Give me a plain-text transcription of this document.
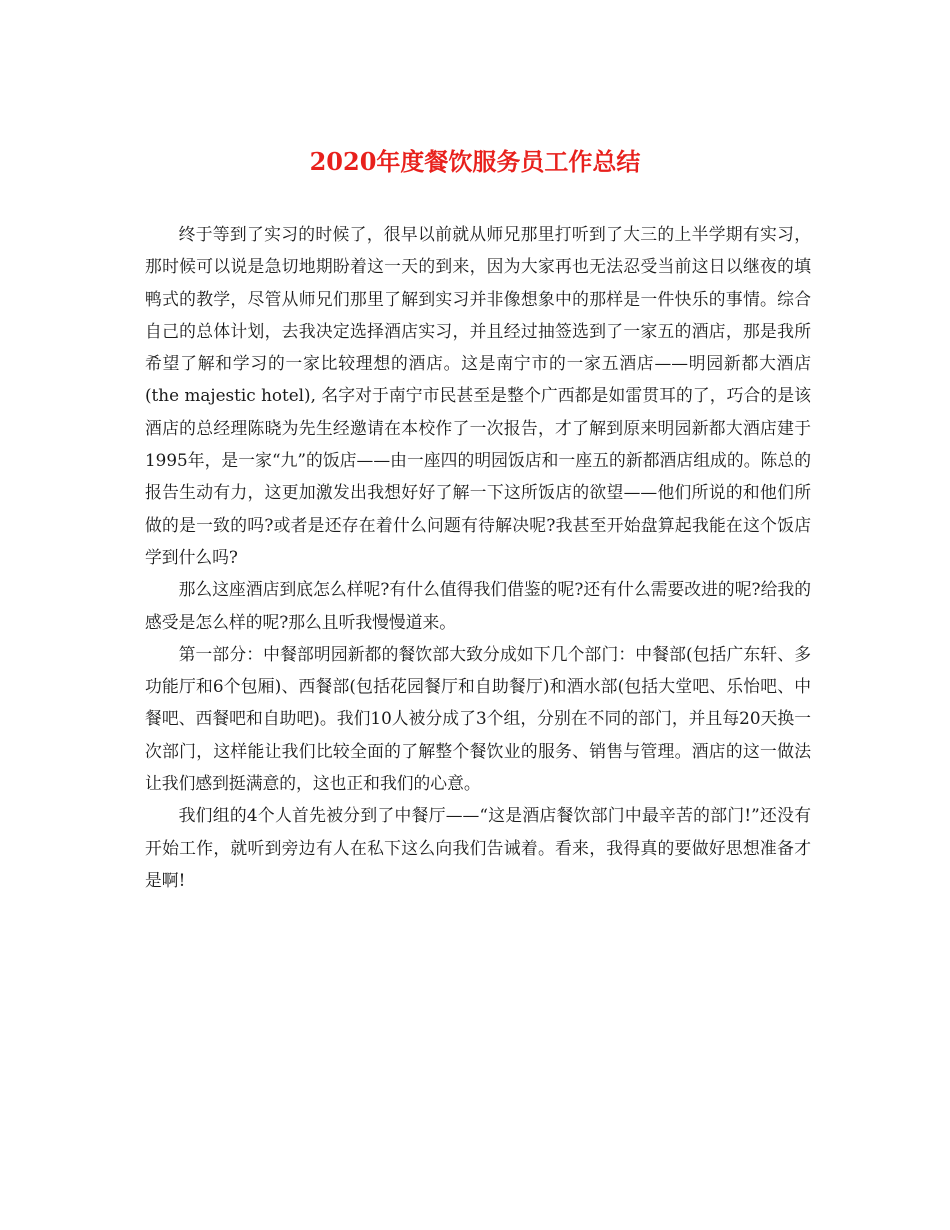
2020年度餐饮服务员工作总结

终于等到了实习的时候了，很早以前就从师兄那里打听到了大三的上半学期有实习，那时候可以说是急切地期盼着这一天的到来，因为大家再也无法忍受当前这日以继夜的填鸭式的教学，尽管从师兄们那里了解到实习并非像想象中的那样是一件快乐的事情。综合自己的总体计划，去我决定选择酒店实习，并且经过抽签选到了一家五的酒店，那是我所希望了解和学习的一家比较理想的酒店。这是南宁市的一家五酒店——明园新都大酒店(the majestic hotel), 名字对于南宁市民甚至是整个广西都是如雷贯耳的了，巧合的是该酒店的总经理陈晓为先生经邀请在本校作了一次报告，才了解到原来明园新都大酒店建于1995年，是一家“九”的饭店——由一座四的明园饭店和一座五的新都酒店组成的。陈总的报告生动有力，这更加激发出我想好好了解一下这所饭店的欲望——他们所说的和他们所做的是一致的吗?或者是还存在着什么问题有待解决呢?我甚至开始盘算起我能在这个饭店学到什么吗?

那么这座酒店到底怎么样呢?有什么值得我们借鉴的呢?还有什么需要改进的呢?给我的感受是怎么样的呢?那么且听我慢慢道来。

第一部分：中餐部明园新都的餐饮部大致分成如下几个部门：中餐部(包括广东轩、多功能厅和6个包厢)、西餐部(包括花园餐厅和自助餐厅)和酒水部(包括大堂吧、乐怡吧、中餐吧、西餐吧和自助吧)。我们10人被分成了3个组，分别在不同的部门，并且每20天换一次部门，这样能让我们比较全面的了解整个餐饮业的服务、销售与管理。酒店的这一做法让我们感到挺满意的，这也正和我们的心意。

我们组的4个人首先被分到了中餐厅——“这是酒店餐饮部门中最辛苦的部门!”还没有开始工作，就听到旁边有人在私下这么向我们告诫着。看来，我得真的要做好思想准备才是啊!
